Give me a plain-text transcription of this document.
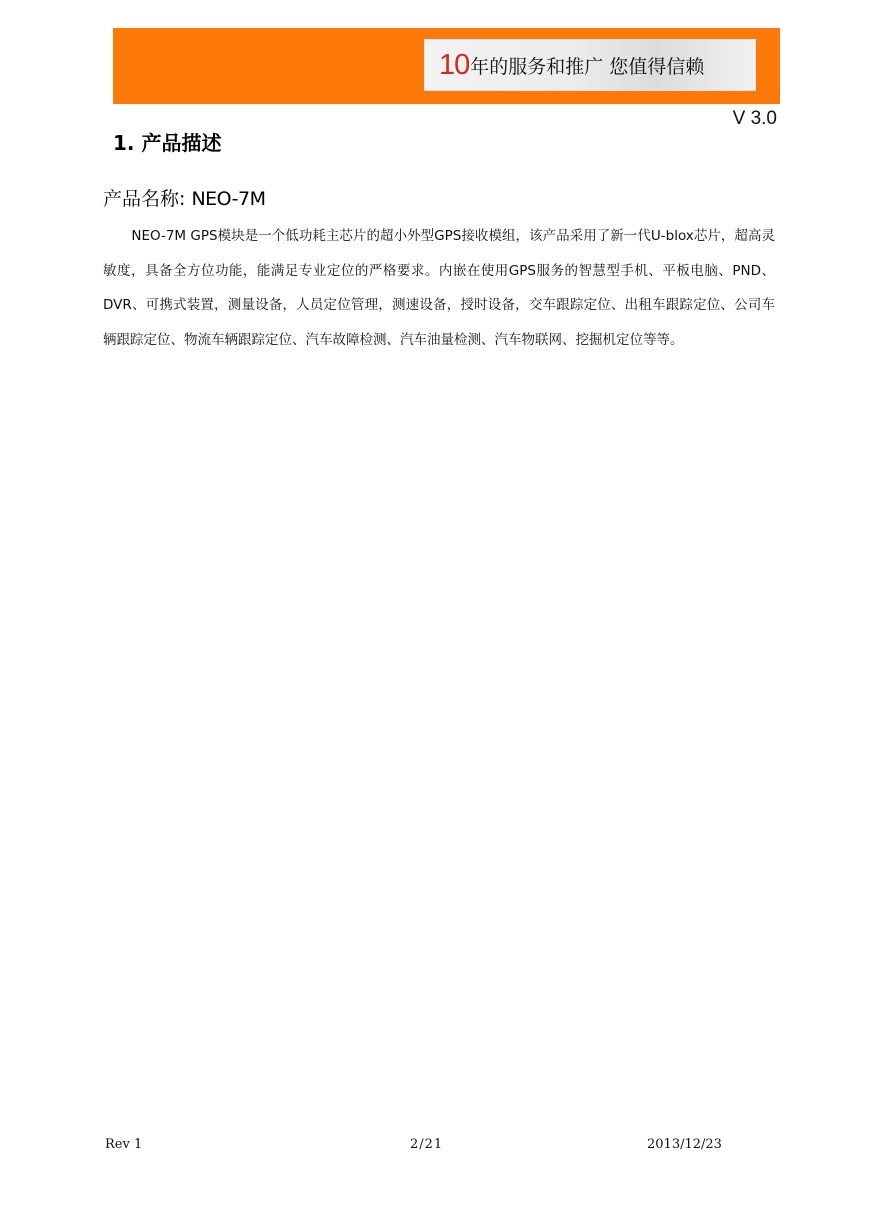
10 年的服务和推广 您值得信赖
V 3.0
1. 产品描述
产品名称: NEO-7M

NEO-7M GPS模块是一个低功耗主芯片的超小外型GPS接收模组，该产品采用了新一代U-blox芯片，超高灵敏度，具备全方位功能，能满足专业定位的严格要求。内嵌在使用GPS服务的智慧型手机、平板电脑、PND、DVR、可携式装置，测量设备，人员定位管理，测速设备，授时设备，交车跟踪定位、出租车跟踪定位、公司车辆跟踪定位、物流车辆跟踪定位、汽车故障检测、汽车油量检测、汽车物联网、挖掘机定位等等。

Rev 1	2/21	2013/12/23
